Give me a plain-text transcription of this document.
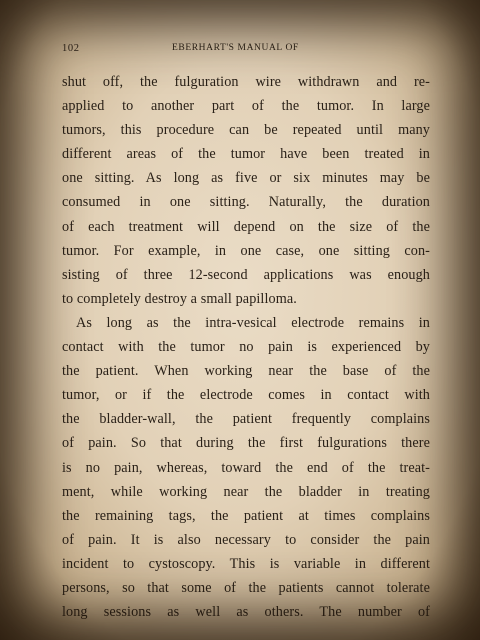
102	EBERHART'S MANUAL OF
shut off, the fulguration wire withdrawn and re-
applied to another part of the tumor. In large
tumors, this procedure can be repeated until many
different areas of the tumor have been treated in
one sitting. As long as five or six minutes may be
consumed in one sitting. Naturally, the duration
of each treatment will depend on the size of the
tumor. For example, in one case, one sitting con-
sisting of three 12-second applications was enough
to completely destroy a small papilloma.
As long as the intra-vesical electrode remains in
contact with the tumor no pain is experienced by
the patient. When working near the base of the
tumor, or if the electrode comes in contact with
the bladder-wall, the patient frequently complains
of pain. So that during the first fulgurations there
is no pain, whereas, toward the end of the treat-
ment, while working near the bladder in treating
the remaining tags, the patient at times complains
of pain. It is also necessary to consider the pain
incident to cystoscopy. This is variable in different
persons, so that some of the patients cannot tolerate
long sessions as well as others. The number of
